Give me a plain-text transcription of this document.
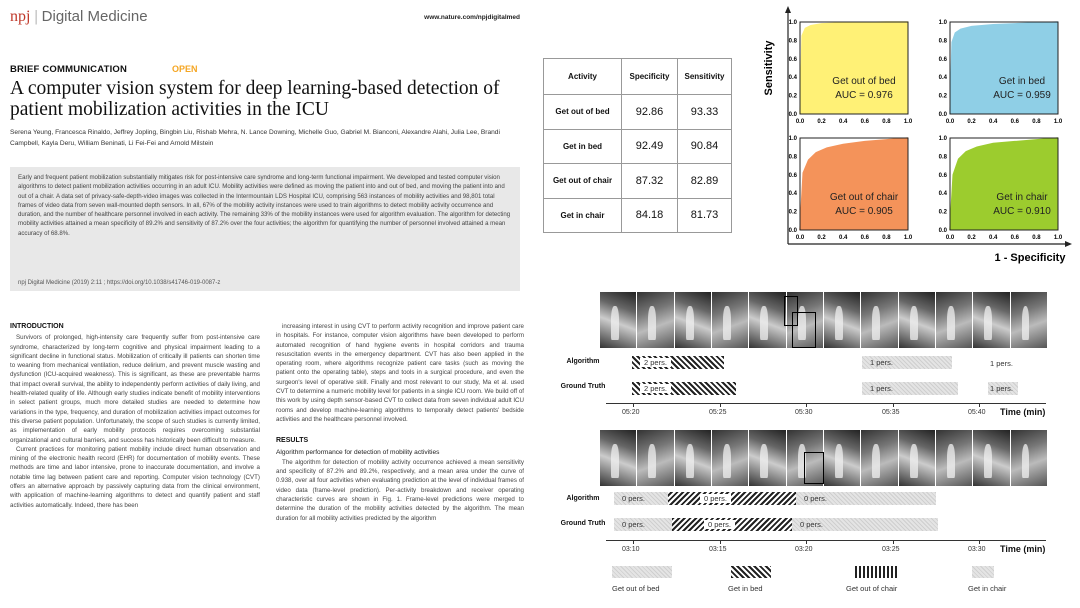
npj | Digital Medicine	www.nature.com/npjdigitalmed
BRIEF COMMUNICATION	OPEN
A computer vision system for deep learning-based detection of patient mobilization activities in the ICU
Serena Yeung, Francesca Rinaldo, Jeffrey Jopling, Bingbin Liu, Rishab Mehra, N. Lance Downing, Michelle Guo, Gabriel M. Bianconi, Alexandre Alahi, Julia Lee, Brandi Campbell, Kayla Deru, William Beninati, Li Fei-Fei and Arnold Milstein
Early and frequent patient mobilization substantially mitigates risk for post-intensive care syndrome and long-term functional impairment. We developed and tested computer vision algorithms to detect patient mobilization activities occurring in an adult ICU. Mobility activities were defined as moving the patient into and out of bed, and moving the patient into and out of a chair. A data set of privacy-safe-depth-video images was collected in the Intermountain LDS Hospital ICU, comprising 563 instances of mobility activities and 98,801 total frames of video data from seven wall-mounted depth sensors. In all, 67% of the mobility activity instances were used to train algorithms to detect mobility activity occurrence and duration, and the number of healthcare personnel involved in each activity. The remaining 33% of the mobility instances were used for algorithm evaluation. The algorithm for detecting mobility activities attained a mean specificity of 89.2% and sensitivity of 87.2% over the four activities; the algorithm for quantifying the number of personnel involved attained a mean accuracy of 68.8%.
npj Digital Medicine (2019) 2:11 ; https://doi.org/10.1038/s41746-019-0087-z
INTRODUCTION

Survivors of prolonged, high-intensity care frequently suffer from post-intensive care syndrome, characterized by long-term cognitive and physical impairment leading to a significant decline in functional status. Mobilization of critically ill patients can shorten time to weaning from mechanical ventilation, reduce delirium, and prevent muscle wasting and dysfunction (ICU-acquired weakness). This is significant, as these are preventable harms that impact overall survival, the ability to independently perform activities of daily living, and health-related quality of life. Although early studies indicate benefit of mobility interventions in select patient groups, much more detailed studies are needed to determine how variations in the type, frequency, and duration of mobilization activities impact outcomes for this diverse patient population. Unfortunately, the scope of such studies is currently limited, as implementation of early mobility protocols requires overcoming substantial organizational and cultural barriers, and success has historically been difficult to measure.

Current practices for monitoring patient mobility include direct human observation and mining of the electronic health record (EHR) for documentation of mobility events. These methods are time and labor intensive, prone to inaccurate documentation, and involve a notable time lag between patient care and reporting. Computer vision technology (CVT) offers an alternative approach by passively capturing data from the clinical environment, with application of machine-learning algorithms to detect and quantify patient and staff activities automatically. Indeed, there has been

increasing interest in using CVT to perform activity recognition and improve patient care in hospitals. For instance, computer vision algorithms have been developed to perform automated recognition of hand hygiene events in hospital corridors and trauma resuscitation events in the emergency department. CVT has also been applied in the operating room, where algorithms recognize patient care tasks (such as moving the patient onto the operating table), steps and tools in a surgical procedure, and even the surgeon's level of operative skill. Finally and most relevant to our study, Ma et al. used CVT to determine a numeric mobility level for patients in a single ICU room. We build off of this work by using depth sensor-based CVT to collect data from seven individual adult ICU rooms and develop machine-learning algorithms to temporally detect patients' bedside activities and the healthcare personnel involved.

RESULTS
Algorithm performance for detection of mobility activities

The algorithm for detection of mobility activity occurrence achieved a mean sensitivity and specificity of 87.2% and 89.2%, respectively, and a mean area under the curve of 0.938, over all four activities when evaluating prediction at the level of individual frames of video data (frame-level prediction). Per-activity breakdown and receiver operating characteristic curves are shown in Fig. 1. Frame-level predictions were merged to determine the duration of the mobility activities detected by the algorithm. The mean duration for all mobility activities predicted by the algorithm

Activity	Specificity	Sensitivity
Get out of bed	92.86	93.33
Get in bed	92.49	90.84
Get out of chair	87.32	82.89
Get in chair	84.18	81.73
0.0
0.0
0.2
0.2
0.4
0.4
0.6
0.6
0.8
0.8
1.0
1.0
Get out of bed
AUC = 0.976
0.0
0.0
0.2
0.2
0.4
0.4
0.6
0.6
0.8
0.8
1.0
1.0
Get in bed
AUC = 0.959
0.0
0.0
0.2
0.2
0.4
0.4
0.6
0.6
0.8
0.8
1.0
1.0
Get out of chair
AUC = 0.905
0.0
0.0
0.2
0.2
0.4
0.4
0.6
0.6
0.8
0.8
1.0
1.0
Get in chair
AUC = 0.910
Sensitivity
1 - Specificity
Algorithm
Ground Truth
2 pers.	1 pers.	1 pers.
2 pers.	1 pers.	1 pers.
05:20	05:25	05:30	05:35	05:40 Time (min)
Algorithm
Ground Truth
0 pers.	0 pers.	0 pers.
0 pers.	0 pers.	0 pers.
03:10	03:15	03:20	03:25	03:30 Time (min)
Get out of bed	Get in bed	Get out of chair	Get in chair
